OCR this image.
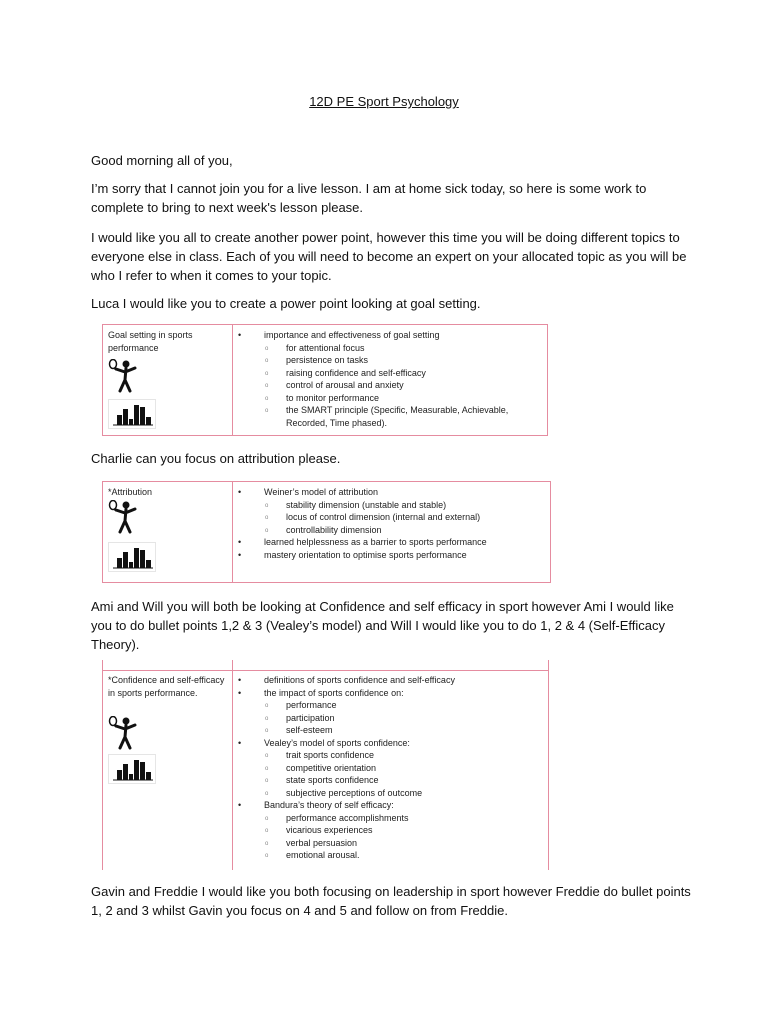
12D PE Sport Psychology

Good morning all of you,

I’m sorry that I cannot join you for a live lesson. I am at home sick today, so here is some work to complete to bring to next week's lesson please.

I would like you all to create another power point, however this time you will be doing different topics to everyone else in class. Each of you will need to become an expert on your allocated topic as you will be who I refer to when it comes to your topic.

Luca I would like you to create a power point looking at goal setting.

Goal setting in sports performance
• importance and effectiveness of goal setting
o for attentional focus
o persistence on tasks
o raising confidence and self-efficacy
o control of arousal and anxiety
o to monitor performance
o the SMART principle (Specific, Measurable, Achievable, Recorded, Time phased).

Charlie can you focus on attribution please.

*Attribution
•	Weiner’s model of attribution
o stability dimension (unstable and stable)
o locus of control dimension (internal and external)
o controllability dimension
• learned helplessness as a barrier to sports performance
• mastery orientation to optimise sports performance

Ami and Will you will both be looking at Confidence and self efficacy in sport however Ami I would like you to do bullet points 1,2 & 3 (Vealey’s model) and Will I would like you to do 1, 2 & 4 (Self-Efficacy Theory).

*Confidence and self-efficacy in sports performance.
• definitions of sports confidence and self-efficacy
• the impact of sports confidence on:
o performance
o participation
o self-esteem
• Vealey’s model of sports confidence:
o trait sports confidence
o competitive orientation
o state sports confidence
o subjective perceptions of outcome
• Bandura’s theory of self efficacy:
o performance accomplishments
o vicarious experiences
o verbal persuasion
o emotional arousal.

Gavin and Freddie I would like you both focusing on leadership in sport however Freddie do bullet points 1, 2 and 3 whilst Gavin you focus on 4 and 5 and follow on from Freddie.
